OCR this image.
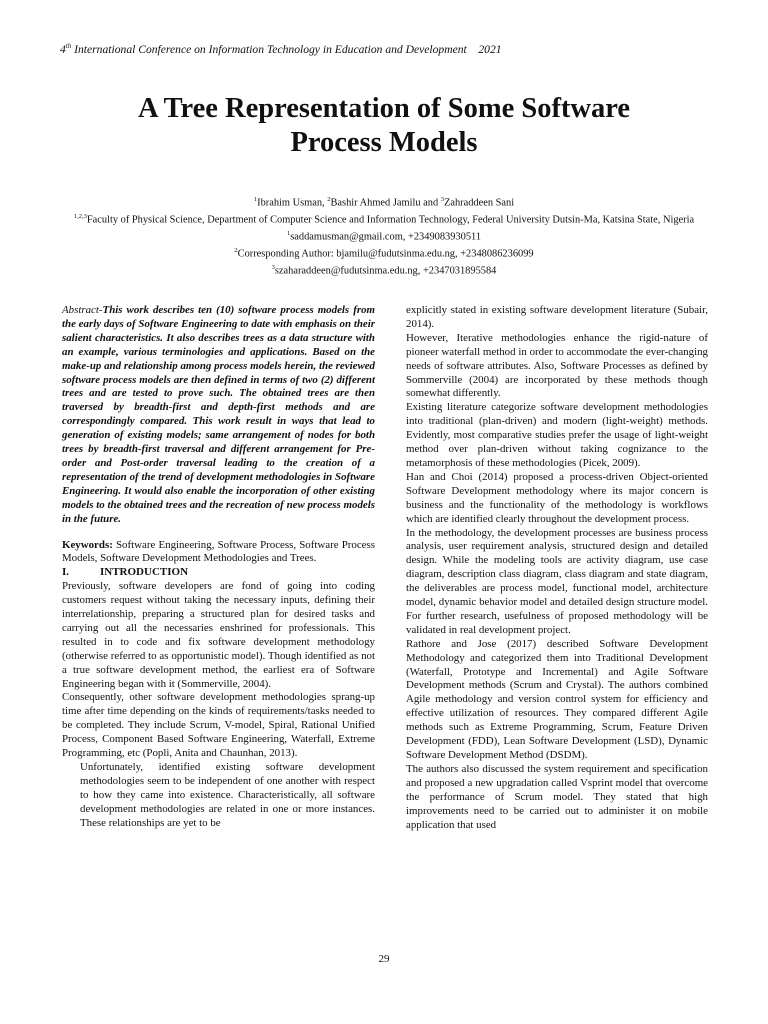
4th International Conference on Information Technology in Education and Development 2021
A Tree Representation of Some Software
Process Models
$^1$Ibrahim Usman, $^2$Bashir Ahmed Jamilu and $^3$Zahraddeen Sani
$^{1,2,3}$Faculty of Physical Science, Department of Computer Science and Information Technology, Federal University Dutsin-Ma, Katsina State, Nigeria
$^1$saddamusman@gmail.com, +2349083930511
$^2$Corresponding Author: bjamilu@fudutsinma.edu.ng, +2348086236099
$^3$szaharaddeen@fudutsinma.edu.ng, +2347031895584

Abstract-This work describes ten (10) software process models from the early days of Software Engineering to date with emphasis on their salient characteristics. It also describes trees as a data structure with an example, various terminologies and applications. Based on the make-up and relationship among process models herein, the reviewed software process models are then defined in terms of two (2) different trees and are tested to prove such. The obtained trees are then traversed by breadth-first and depth-first methods and are correspondingly compared. This work result in ways that lead to generation of existing models; same arrangement of nodes for both trees by breadth-first traversal and different arrangement for Pre-order and Post-order traversal leading to the creation of a representation of the trend of development methodologies in Software Engineering. It would also enable the incorporation of other existing models to the obtained trees and the recreation of new process models in the future.

Keywords: Software Engineering, Software Process, Software Process Models, Software Development Methodologies and Trees.

I.	INTRODUCTION

Previously, software developers are fond of going into coding customers request without taking the necessary inputs, defining their interrelationship, preparing a structured plan for desired tasks and carrying out all the necessaries enshrined for professionals. This resulted in to code and fix software development methodology (otherwise referred to as opportunistic model). Though identified as not a true software development method, the earliest era of Software Engineering began with it (Sommerville, 2004).

Consequently, other software development methodologies sprang-up time after time depending on the kinds of requirements/tasks needed to be completed. They include Scrum, V-model, Spiral, Rational Unified Process, Component Based Software Engineering, Waterfall, Extreme Programming, etc (Popli, Anita and Chaunhan, 2013).

Unfortunately, identified existing software development methodologies seem to be independent of one another with respect to how they came into existence. Characteristically, all software development methodologies are related in one or more instances. These relationships are yet to be

explicitly stated in existing software development literature (Subair, 2014).

However, Iterative methodologies enhance the rigid-nature of pioneer waterfall method in order to accommodate the ever-changing needs of software attributes. Also, Software Processes as defined by Sommerville (2004) are incorporated by these methods though somewhat differently.

Existing literature categorize software development methodologies into traditional (plan-driven) and modern (light-weight) methods. Evidently, most comparative studies prefer the usage of light-weight method over plan-driven without taking cognizance to the metamorphosis of these methodologies (Picek, 2009).

Han and Choi (2014) proposed a process-driven Object-oriented Software Development methodology where its major concern is business and the functionality of the methodology is workflows which are identified clearly throughout the development process.

In the methodology, the development processes are business process analysis, user requirement analysis, structured design and detailed design. While the modeling tools are activity diagram, use case diagram, description class diagram, class diagram and state diagram, the deliverables are process model, functional model, architecture model, dynamic behavior model and detailed design structure model. For further research, usefulness of proposed methodology will be validated in real development project.

Rathore and Jose (2017) described Software Development Methodology and categorized them into Traditional Development (Waterfall, Prototype and Incremental) and Agile Software Development methods (Scrum and Crystal). The authors combined Agile methodology and version control system for efficiency and effective utilization of resources. They compared different Agile methods such as Extreme Programming, Scrum, Feature Driven Development (FDD), Lean Software Development (LSD), Dynamic Software Development Method (DSDM).

The authors also discussed the system requirement and specification and proposed a new upgradation called Vsprint model that overcome the performance of Scrum model. They stated that high improvements need to be carried out to administer it on mobile application that used

29
